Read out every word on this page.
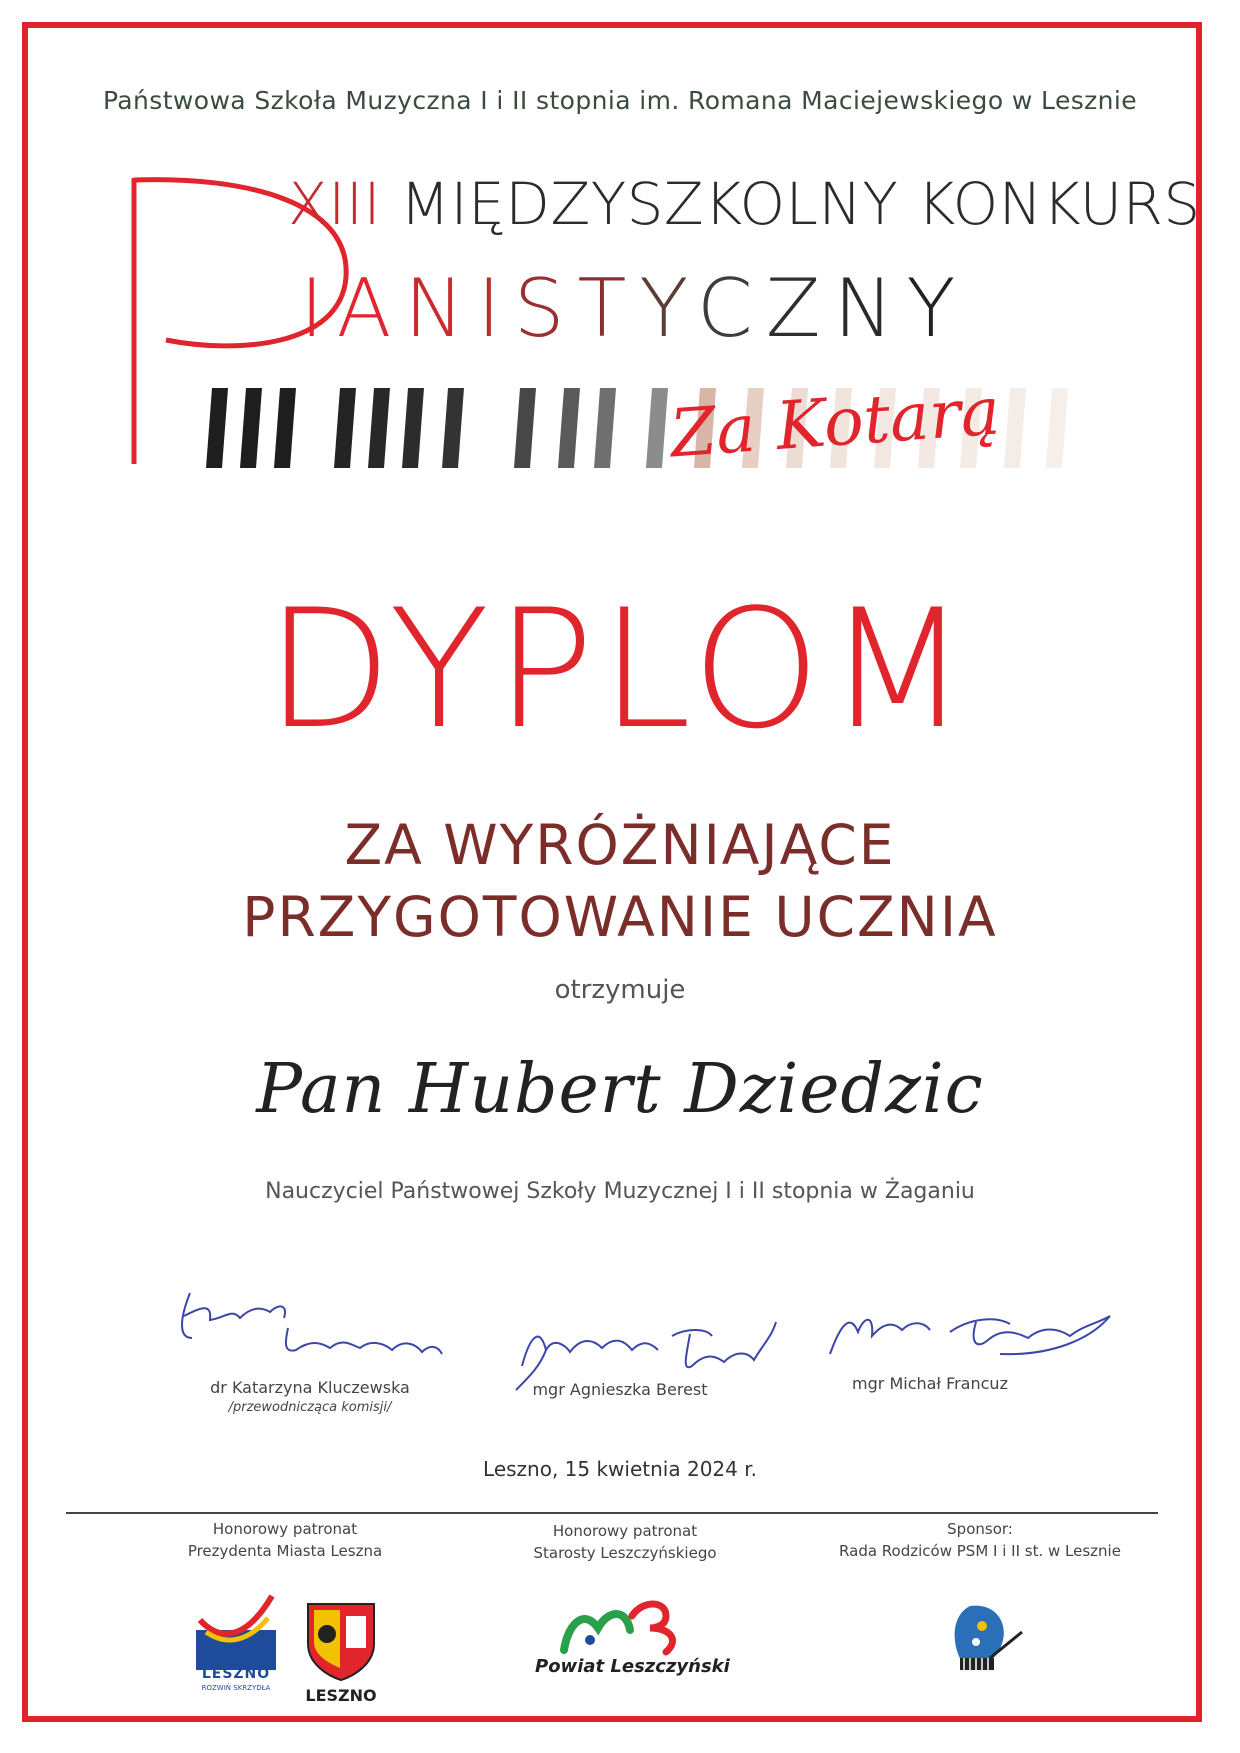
Państwowa Szkoła Muzyczna I i II stopnia im. Romana Maciejewskiego w Lesznie
XIII MIĘDZYSZKOLNY KONKURS
IANISTYCZNY
Za Kotarą
DYPLOM
ZA WYRÓŻNIAJĄCE
PRZYGOTOWANIE UCZNIA
otrzymuje
Pan Hubert Dziedzic
Nauczyciel Państwowej Szkoły Muzycznej I i II stopnia w Żaganiu
dr Katarzyna Kluczewska
/przewodnicząca komisji/
mgr Agnieszka Berest	mgr Michał Francuz
Leszno, 15 kwietnia 2024 r.
Honorowy patronat
Prezydenta Miasta Leszna
Honorowy patronat
Starosty Leszczyńskiego
Sponsor:
Rada Rodziców PSM I i II st. w Lesznie
LESZNO
ROZWIŃ SKRZYDŁA	LESZNO
Powiat Leszczyński
